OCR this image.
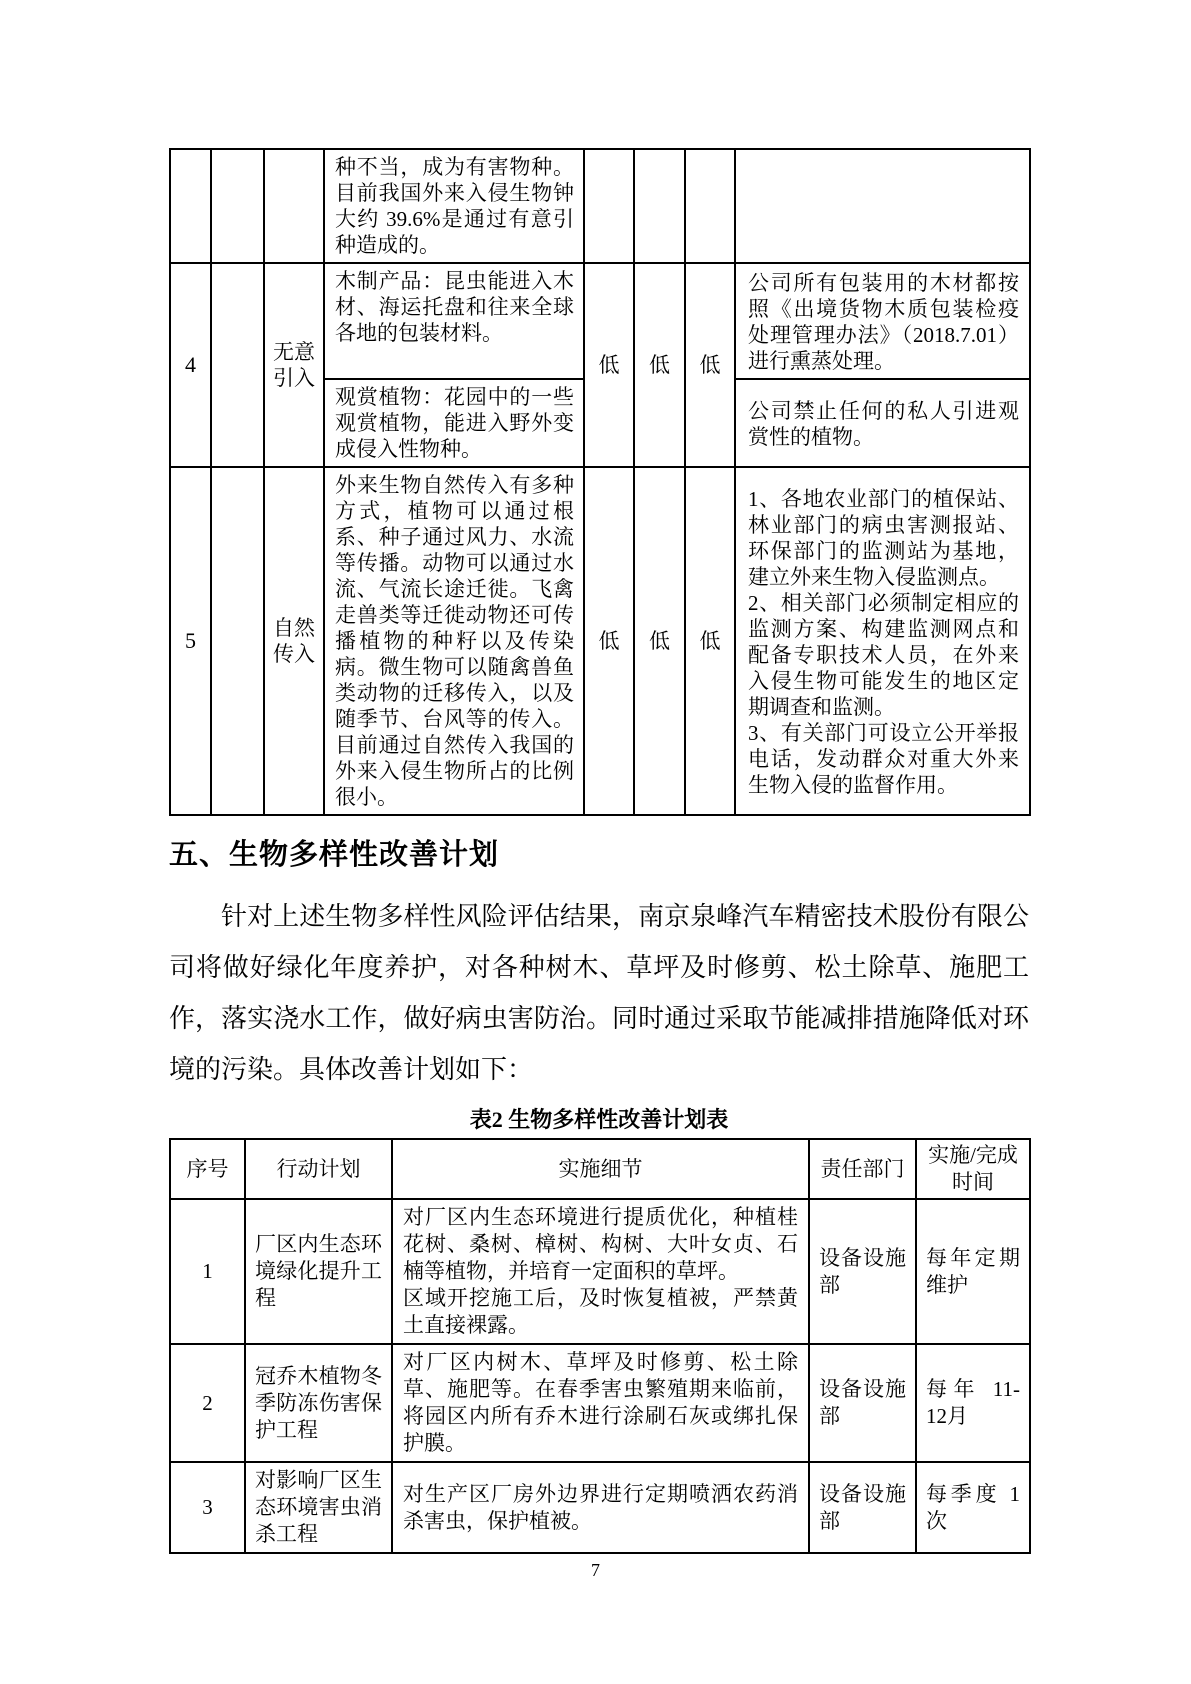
			种不当，成为有害物种。目前我国外来入侵生物钟大约 39.6%是通过有意引种造成的。				
4		无意引入	木制产品：昆虫能进入木材、海运托盘和往来全球各地的包装材料。	低	低	低	公司所有包装用的木材都按照《出境货物木质包装检疫处理管理办法》（2018.7.01）进行熏蒸处理。
			观赏植物：花园中的一些观赏植物，能进入野外变成侵入性物种。				公司禁止任何的私人引进观赏性的植物。
5		自然传入	外来生物自然传入有多种方式，植物可以通过根系、种子通过风力、水流等传播。动物可以通过水流、气流长途迁徙。飞禽走兽类等迁徙动物还可传播植物的种籽以及传染病。微生物可以随禽兽鱼类动物的迁移传入，以及随季节、台风等的传入。目前通过自然传入我国的外来入侵生物所占的比例很小。	低	低	低	1、各地农业部门的植保站、林业部门的病虫害测报站、环保部门的监测站为基地，建立外来生物入侵监测点。

2、相关部门必须制定相应的监测方案、构建监测网点和配备专职技术人员，在外来入侵生物可能发生的地区定期调查和监测。

3、有关部门可设立公开举报电话，发动群众对重大外来生物入侵的监督作用。

五、生物多样性改善计划

针对上述生物多样性风险评估结果，南京泉峰汽车精密技术股份有限公司将做好绿化年度养护，对各种树木、草坪及时修剪、松土除草、施肥工作，落实浇水工作，做好病虫害防治。同时通过采取节能减排措施降低对环境的污染。具体改善计划如下：

表2 生物多样性改善计划表
序号	行动计划	实施细节	责任部门	实施/完成时间
1	厂区内生态环境绿化提升工程	对厂区内生态环境进行提质优化，种植桂花树、桑树、樟树、构树、大叶女贞、石楠等植物，并培育一定面积的草坪。

区域开挖施工后，及时恢复植被，严禁黄土直接裸露。	设备设施部	每年定期维护
2	冠乔木植物冬季防冻伤害保护工程	对厂区内树木、草坪及时修剪、松土除草、施肥等。在春季害虫繁殖期来临前，将园区内所有乔木进行涂刷石灰或绑扎保护膜。	设备设施部	每年 11-12月
3	对影响厂区生态环境害虫消杀工程	对生产区厂房外边界进行定期喷洒农药消杀害虫，保护植被。	设备设施部	每季度 1次
7
